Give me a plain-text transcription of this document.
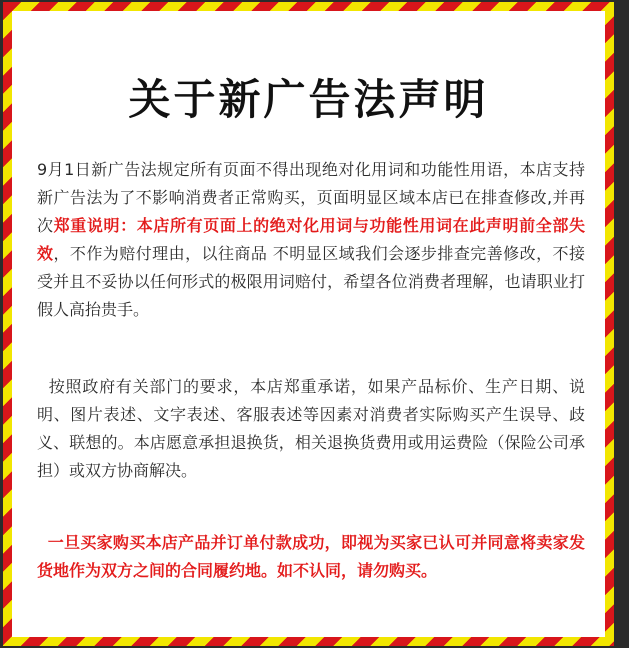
关于新广告法声明
9月1日新广告法规定所有页面不得出现绝对化用词和功能性用语，本店支持新广告法为了不影响消费者正常购买，页面明显区域本店已在排查修改,并再次郑重说明：本店所有页面上的绝对化用词与功能性用词在此声明前全部失效，不作为赔付理由，以往商品 不明显区域我们会逐步排查完善修改，不接受并且不妥协以任何形式的极限用词赔付，希望各位消费者理解，也请职业打假人高抬贵手。
按照政府有关部门的要求，本店郑重承诺，如果产品标价、生产日期、说明、图片表述、文字表述、客服表述等因素对消费者实际购买产生误导、歧义、联想的。本店愿意承担退换货，相关退换货费用或用运费险（保险公司承担）或双方协商解决。
一旦买家购买本店产品并订单付款成功，即视为买家已认可并同意将卖家发货地作为双方之间的合同履约地。如不认同，请勿购买。
